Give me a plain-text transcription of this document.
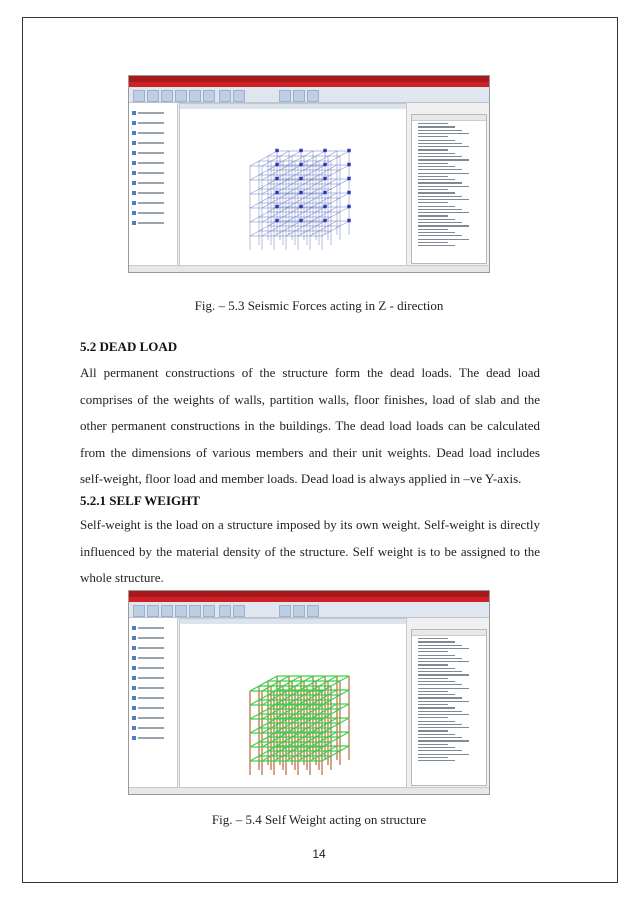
Fig. – 5.3 Seismic Forces acting in Z - direction
5.2 DEAD LOAD

All permanent constructions of the structure form the dead loads. The dead load comprises of the weights of walls, partition walls, floor finishes, load of slab and the other permanent constructions in the buildings. The dead load loads can be calculated from the dimensions of various members and their unit weights. Dead load includes self-weight, floor load and member loads. Dead load is always applied in –ve Y-axis.

5.2.1 SELF WEIGHT

Self-weight is the load on a structure imposed by its own weight. Self-weight is directly influenced by the material density of the structure. Self weight is to be assigned to the whole structure.

Fig. – 5.4 Self Weight acting on structure
14
